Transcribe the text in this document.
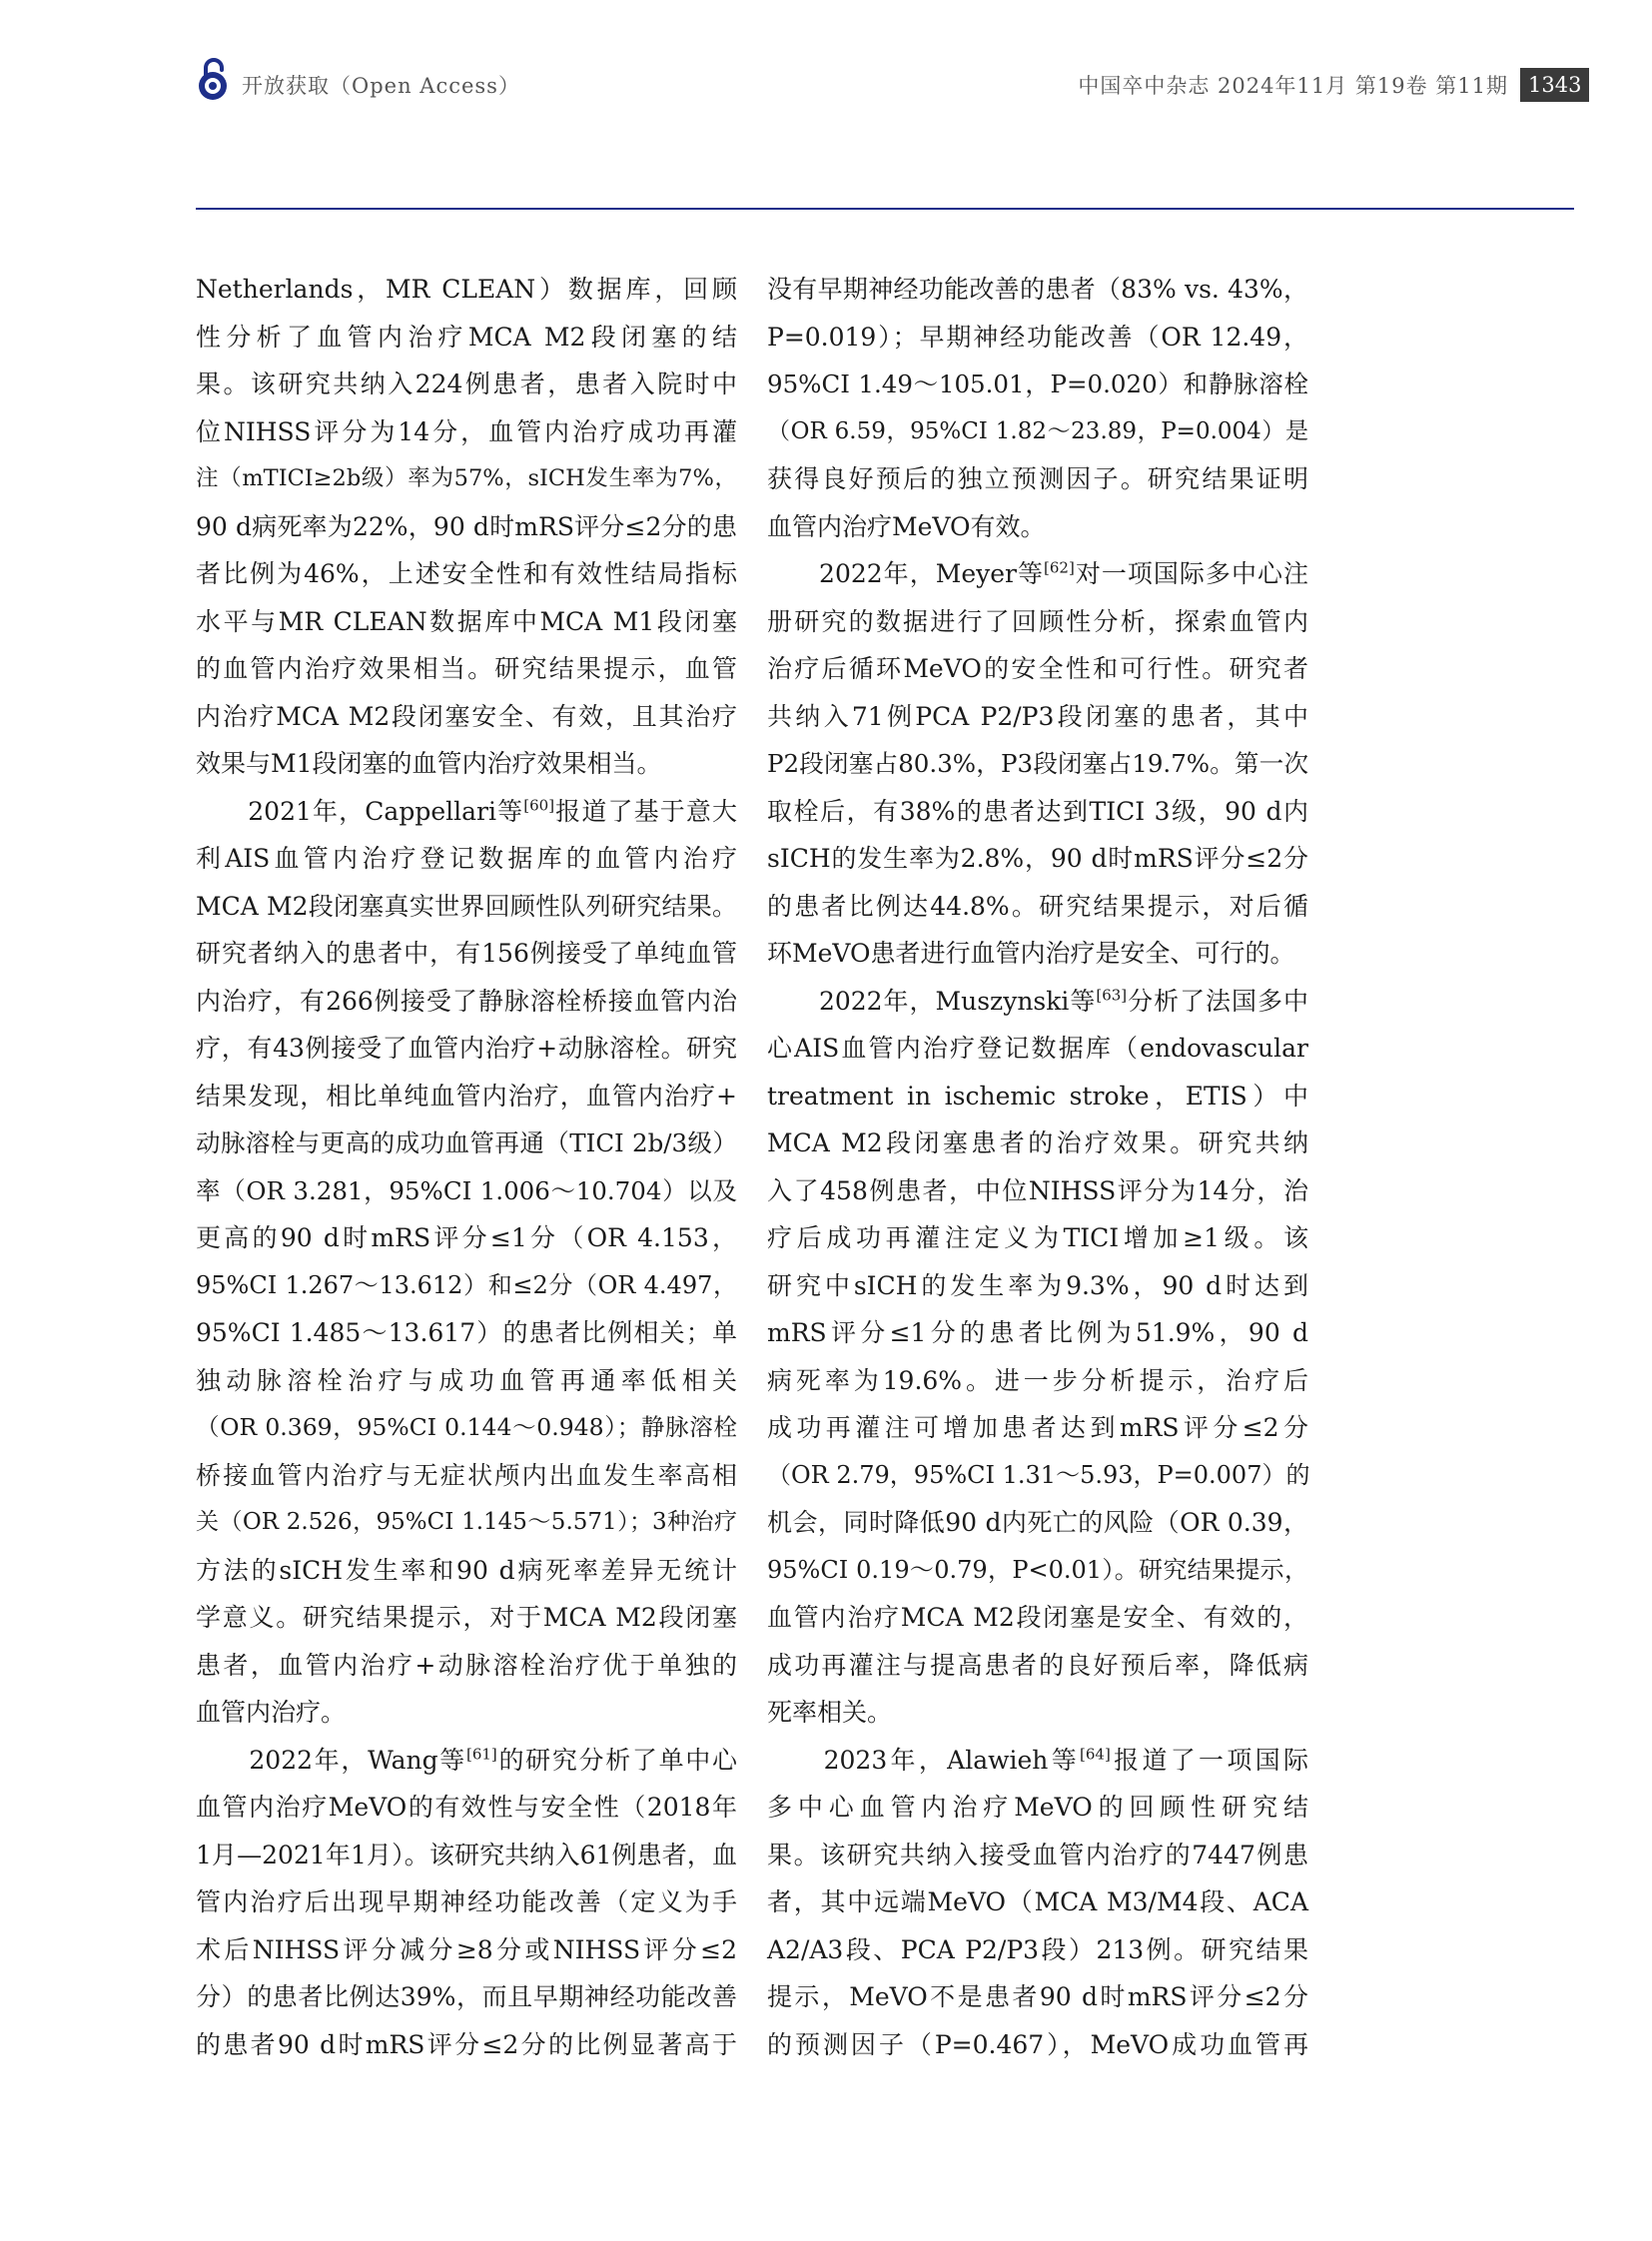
开放获取（Open Access）	中国卒中杂志 2024年11月 第19卷 第11期 1343
Netherlands，MR CLEAN）数据库，回顾
性分析了血管内治疗MCA M2段闭塞的结
果。该研究共纳入224例患者，患者入院时中
位NIHSS评分为14分，血管内治疗成功再灌
注（mTICI≥2b级）率为57%，sICH发生率为7%，
90 d病死率为22%，90 d时mRS评分≤2分的患
者比例为46%，上述安全性和有效性结局指标
水平与MR CLEAN数据库中MCA M1段闭塞
的血管内治疗效果相当。研究结果提示，血管
内治疗MCA M2段闭塞安全、有效，且其治疗
效果与M1段闭塞的血管内治疗效果相当。
　　2021年，Cappellari等[60]报道了基于意大
利AIS血管内治疗登记数据库的血管内治疗
MCA M2段闭塞真实世界回顾性队列研究结果。
研究者纳入的患者中，有156例接受了单纯血管
内治疗，有266例接受了静脉溶栓桥接血管内治
疗，有43例接受了血管内治疗+动脉溶栓。研究
结果发现，相比单纯血管内治疗，血管内治疗+
动脉溶栓与更高的成功血管再通（TICI 2b/3级）
率（OR 3.281，95%CI 1.006～10.704）以及
更高的90 d时mRS评分≤1分（OR 4.153，
95%CI 1.267～13.612）和≤2分（OR 4.497，
95%CI 1.485～13.617）的患者比例相关；单
独动脉溶栓治疗与成功血管再通率低相关
（OR 0.369，95%CI 0.144～0.948）；静脉溶栓
桥接血管内治疗与无症状颅内出血发生率高相
关（OR 2.526，95%CI 1.145～5.571）；3种治疗
方法的sICH发生率和90 d病死率差异无统计
学意义。研究结果提示，对于MCA M2段闭塞
患者，血管内治疗+动脉溶栓治疗优于单独的
血管内治疗。
　　2022年，Wang等[61]的研究分析了单中心
血管内治疗MeVO的有效性与安全性（2018年
1月—2021年1月）。该研究共纳入61例患者，血
管内治疗后出现早期神经功能改善（定义为手
术后NIHSS评分减分≥8分或NIHSS评分≤2
分）的患者比例达39%，而且早期神经功能改善
的患者90 d时mRS评分≤2分的比例显著高于
没有早期神经功能改善的患者（83% vs. 43%，
P=0.019）；早期神经功能改善（OR 12.49，
95%CI 1.49～105.01，P=0.020）和静脉溶栓
（OR 6.59，95%CI 1.82～23.89，P=0.004）是
获得良好预后的独立预测因子。研究结果证明
血管内治疗MeVO有效。
　　2022年，Meyer等[62]对一项国际多中心注
册研究的数据进行了回顾性分析，探索血管内
治疗后循环MeVO的安全性和可行性。研究者
共纳入71例PCA P2/P3段闭塞的患者，其中
P2段闭塞占80.3%，P3段闭塞占19.7%。第一次
取栓后，有38%的患者达到TICI 3级，90 d内
sICH的发生率为2.8%，90 d时mRS评分≤2分
的患者比例达44.8%。研究结果提示，对后循
环MeVO患者进行血管内治疗是安全、可行的。
　　2022年，Muszynski等[63]分析了法国多中
心AIS血管内治疗登记数据库（endovascular
treatment in ischemic stroke，ETIS）中
MCA M2段闭塞患者的治疗效果。研究共纳
入了458例患者，中位NIHSS评分为14分，治
疗后成功再灌注定义为TICI增加≥1级。该
研究中sICH的发生率为9.3%，90 d时达到
mRS评分≤1分的患者比例为51.9%，90 d
病死率为19.6%。进一步分析提示，治疗后
成功再灌注可增加患者达到mRS评分≤2分
（OR 2.79，95%CI 1.31～5.93，P=0.007）的
机会，同时降低90 d内死亡的风险（OR 0.39，
95%CI 0.19～0.79，P<0.01）。研究结果提示，
血管内治疗MCA M2段闭塞是安全、有效的，
成功再灌注与提高患者的良好预后率，降低病
死率相关。
　　2023年，Alawieh等[64]报道了一项国际
多中心血管内治疗MeVO的回顾性研究结
果。该研究共纳入接受血管内治疗的7447例患
者，其中远端MeVO（MCA M3/M4段、ACA
A2/A3段、PCA P2/P3段）213例。研究结果
提示，MeVO不是患者90 d时mRS评分≤2分
的预测因子（P=0.467），MeVO成功血管再
